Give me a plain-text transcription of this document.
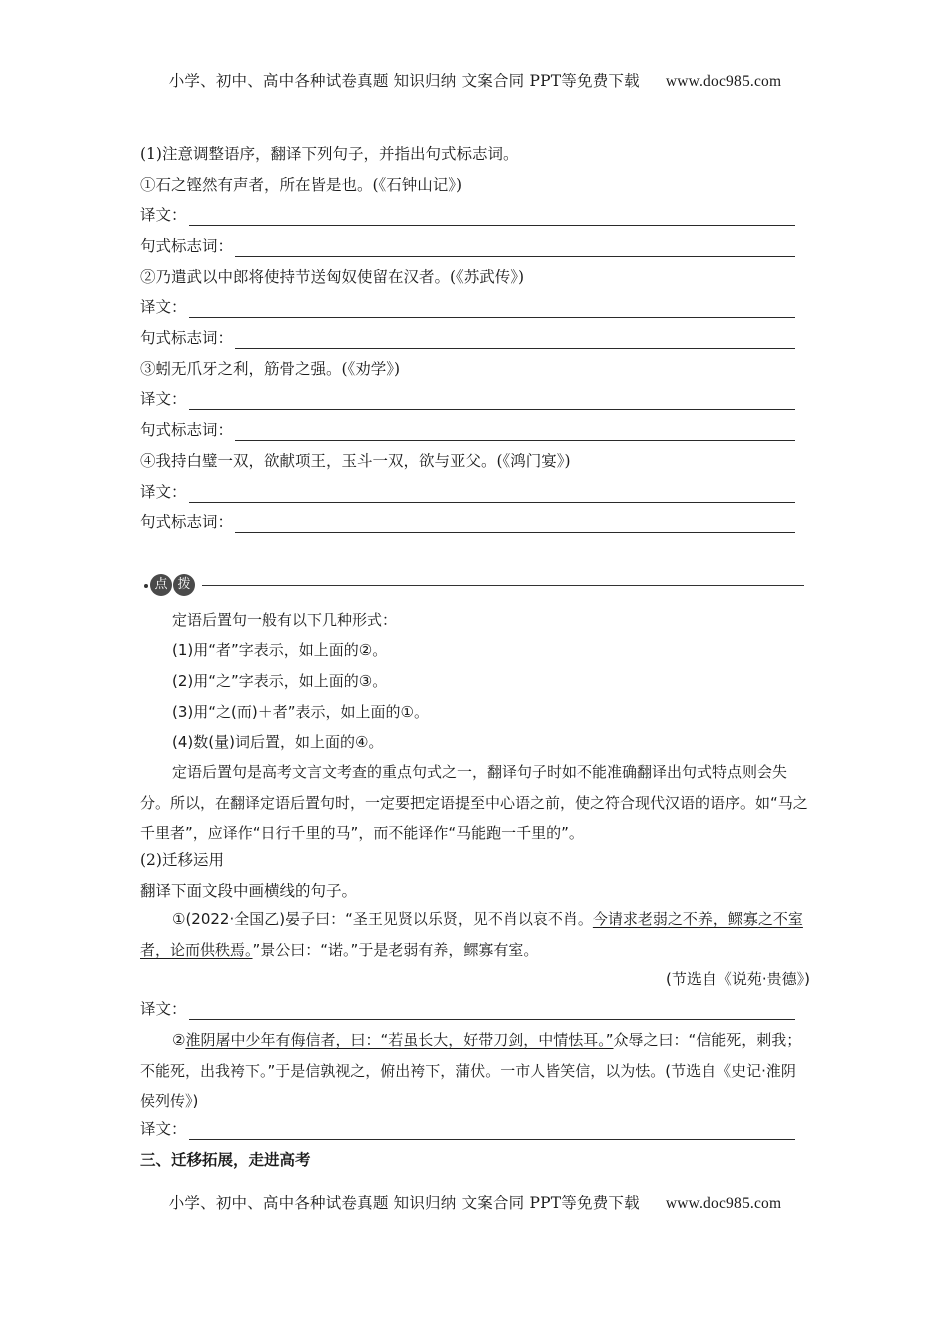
小学、初中、高中各种试卷真题 知识归纳 文案合同 PPT等免费下载 www.doc985.com
(1)注意调整语序，翻译下列句子，并指出句式标志词。
①石之铿然有声者，所在皆是也。(《石钟山记》)
译文：
句式标志词：
②乃遣武以中郎将使持节送匈奴使留在汉者。(《苏武传》)
译文：
句式标志词：
③蚓无爪牙之利，筋骨之强。(《劝学》)
译文：
句式标志词：
④我持白璧一双，欲献项王，玉斗一双，欲与亚父。(《鸿门宴》)
译文：
句式标志词：
点 拨
定语后置句一般有以下几种形式：
(1)用“者”字表示，如上面的②。
(2)用“之”字表示，如上面的③。
(3)用“之(而)＋者”表示，如上面的①。
(4)数(量)词后置，如上面的④。
定语后置句是高考文言文考查的重点句式之一，翻译句子时如不能准确翻译出句式特点则会失分。所以，在翻译定语后置句时，一定要把定语提至中心语之前，使之符合现代汉语的语序。如“马之千里者”，应译作“日行千里的马”，而不能译作“马能跑一千里的”。
(2)迁移运用
翻译下面文段中画横线的句子。
①(2022·全国乙)晏子曰：“圣王见贤以乐贤，见不肖以哀不肖。今请求老弱之不养，鳏寡之不室者，论而供秩焉。”景公曰：“诺。”于是老弱有养，鳏寡有室。
(节选自《说苑·贵德》)
译文：
②淮阴屠中少年有侮信者，曰：“若虽长大，好带刀剑，中情怯耳。”众辱之曰：“信能死，刺我；不能死，出我袴下。”于是信孰视之，俯出袴下，蒲伏。一市人皆笑信，以为怯。(节选自《史记·淮阴侯列传》)
译文：
三、迁移拓展，走进高考
小学、初中、高中各种试卷真题 知识归纳 文案合同 PPT等免费下载 www.doc985.com
